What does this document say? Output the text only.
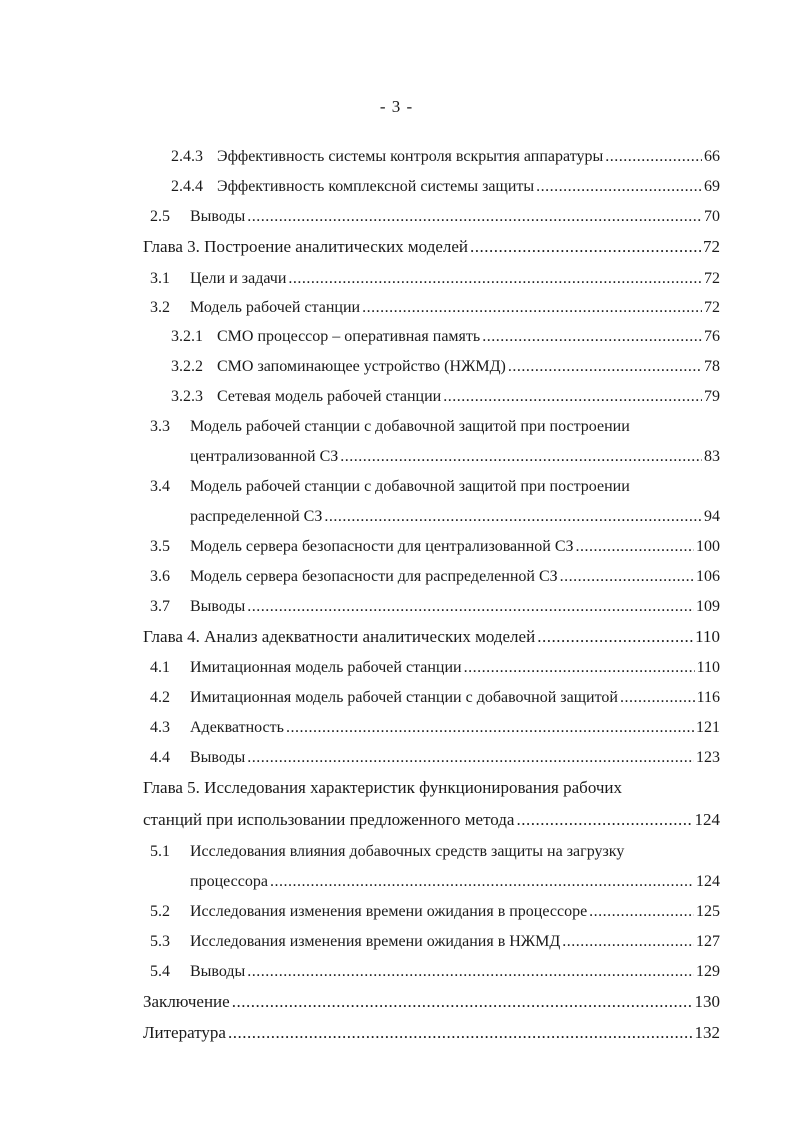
- 3 -
2.4.3 Эффективность системы контроля вскрытия аппаратуры .....	66
2.4.4 Эффективность комплексной системы защиты .....	69
2.5	Выводы .....	70
Глава 3. Построение аналитических моделей .....	72
3.1	Цели и задачи .....	72
3.2	Модель рабочей станции .....	72
3.2.1 СМО процессор – оперативная память .....	76
3.2.2 СМО запоминающее устройство (НЖМД) .....	78
3.2.3 Сетевая модель рабочей станции .....	79
3.3 Модель рабочей станции с добавочной защитой при построении
централизованной СЗ .....	83
3.4 Модель рабочей станции с добавочной защитой при построении
распределенной СЗ .....	94
3.5	Модель сервера безопасности для централизованной СЗ .....	100
3.6	Модель сервера безопасности для распределенной СЗ .....	106
3.7	Выводы .....	109
Глава 4. Анализ адекватности аналитических моделей .....	110
4.1	Имитационная модель рабочей станции .....	110
4.2	Имитационная модель рабочей станции с добавочной защитой .....	116
4.3	Адекватность .....	121
4.4	Выводы .....	123
Глава 5. Исследования характеристик функционирования рабочих
станций при использовании предложенного метода .....	124
5.1 Исследования влияния добавочных средств защиты на загрузку
процессора .....	124
5.2	Исследования изменения времени ожидания в процессоре .....	125
5.3	Исследования изменения времени ожидания в НЖМД .....	127
5.4	Выводы .....	129
Заключение .....	130
Литература .....	132
